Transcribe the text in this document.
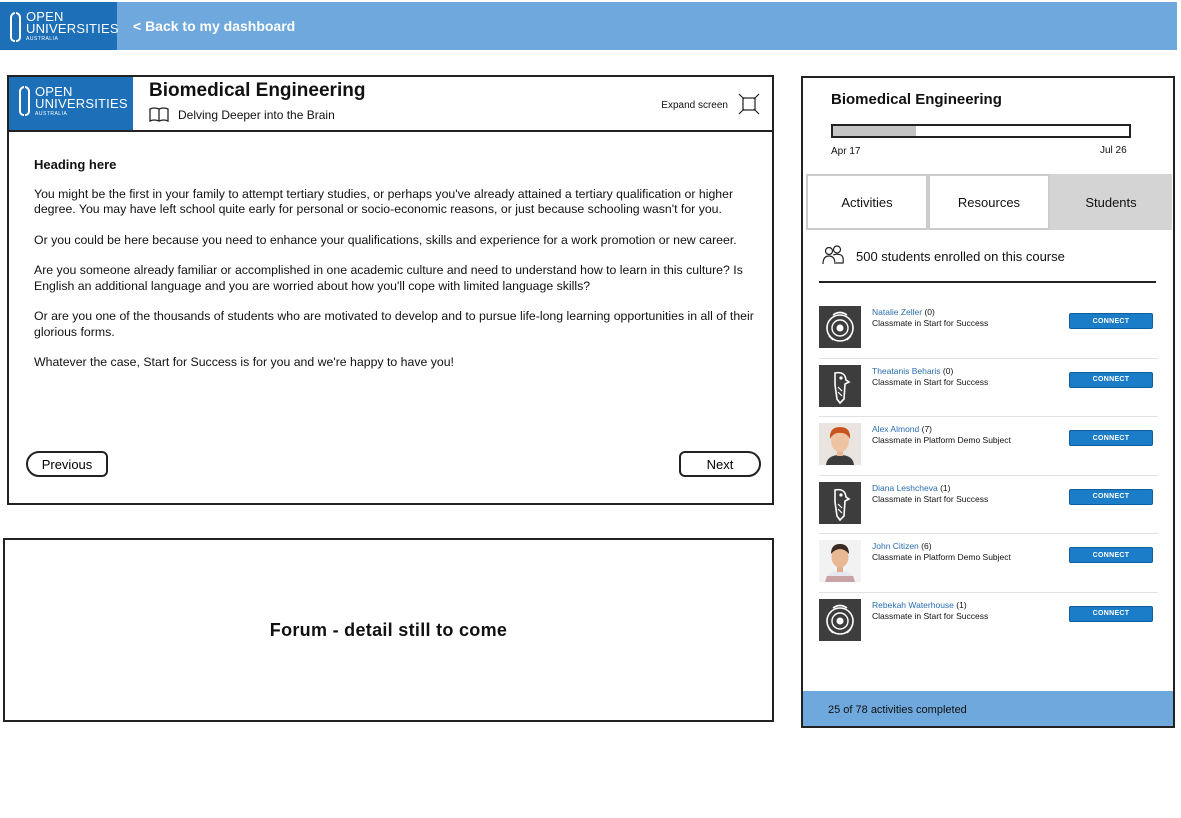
OPEN
UNIVERSITIES
AUSTRALIA
< Back to my dashboard
OPEN
UNIVERSITIES
AUSTRALIA
Biomedical Engineering
Delving Deeper into the Brain
Expand screen
Heading here

You might be the first in your family to attempt tertiary studies, or perhaps you've already attained a tertiary qualification or higher degree. You may have left school quite early for personal or socio-economic reasons, or just because schooling wasn't for you.

Or you could be here because you need to enhance your qualifications, skills and experience for a work promotion or new career.

Are you someone already familiar or accomplished in one academic culture and need to understand how to learn in this culture? Is English an additional language and you are worried about how you'll cope with limited language skills?

Or are you one of the thousands of students who are motivated to develop and to pursue life-long learning opportunities in all of their glorious forms.

Whatever the case, Start for Success is for you and we're happy to have you!

Previous	Next
Forum - detail still to come
Biomedical Engineering
Apr 17	Jul 26
Activities	Resources	Students
500 students enrolled on this course
Natalie Zeller (0)
Classmate in Start for Success	CONNECT
Theatanis Beharis (0)
Classmate in Start for Success	CONNECT
Alex Almond (7)
Classmate in Platform Demo Subject	CONNECT
Diana Leshcheva (1)
Classmate in Start for Success	CONNECT
John Citizen (6)
Classmate in Platform Demo Subject	CONNECT
Rebekah Waterhouse (1)
Classmate in Start for Success	CONNECT
25 of 78 activities completed
